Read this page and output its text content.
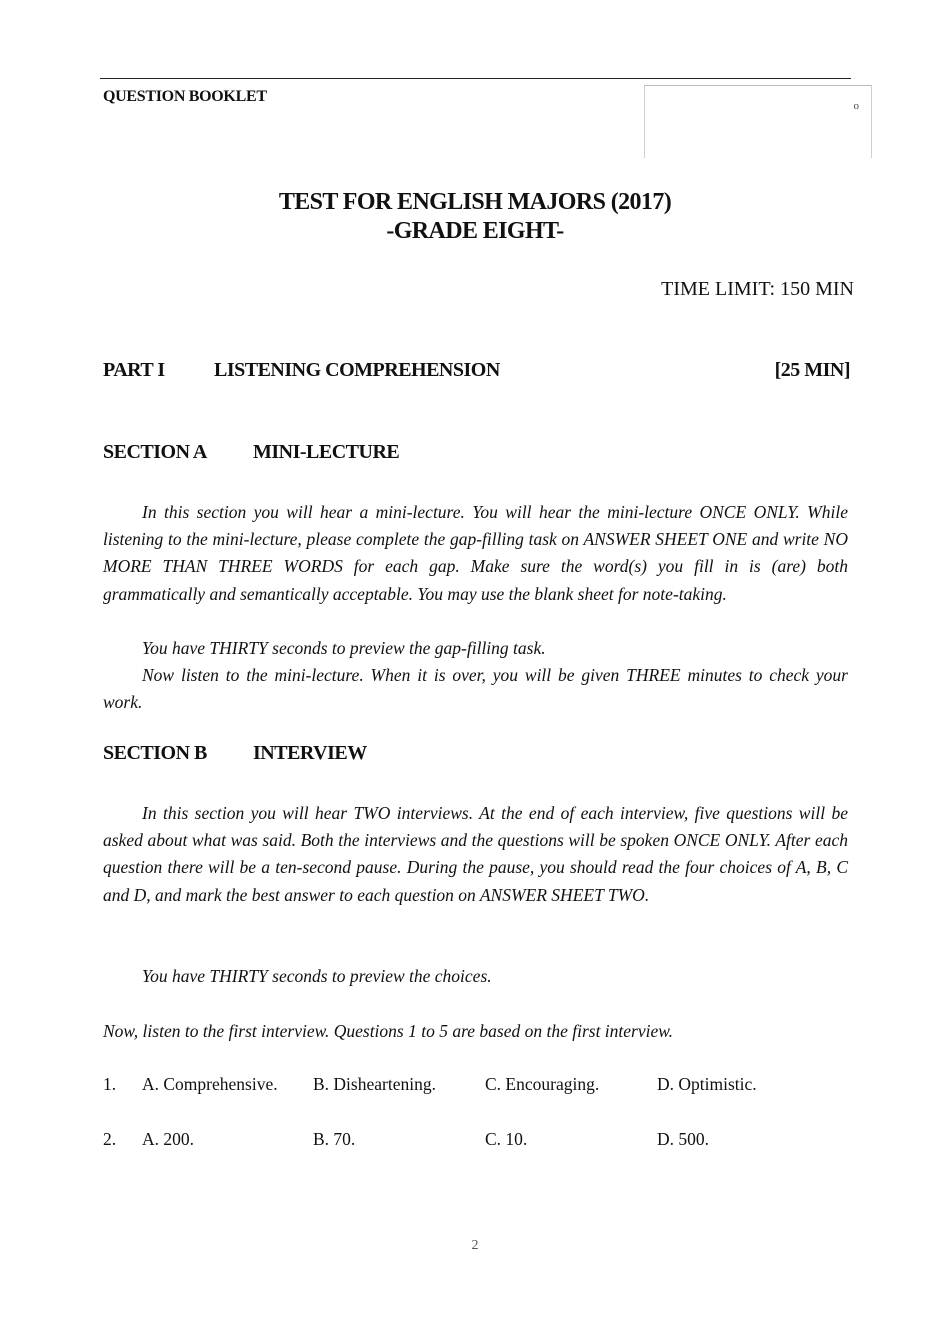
QUESTION BOOKLET
o
TEST FOR ENGLISH MAJORS (2017)
-GRADE EIGHT-
TIME LIMIT: 150 MIN
PART I LISTENING COMPREHENSION	[25 MIN]
SECTION A MINI-LECTURE

In this section you will hear a mini-lecture. You will hear the mini-lecture ONCE ONLY. While listening to the mini-lecture, please complete the gap-filling task on ANSWER SHEET ONE and write NO MORE THAN THREE WORDS for each gap. Make sure the word(s) you fill in is (are) both grammatically and semantically acceptable. You may use the blank sheet for note-taking.

You have THIRTY seconds to preview the gap-filling task.

Now listen to the mini-lecture. When it is over, you will be given THREE minutes to check your work.

SECTION B INTERVIEW

In this section you will hear TWO interviews. At the end of each interview, five questions will be asked about what was said. Both the interviews and the questions will be spoken ONCE ONLY. After each question there will be a ten-second pause. During the pause, you should read the four choices of A, B, C and D, and mark the best answer to each question on ANSWER SHEET TWO.

You have THIRTY seconds to preview the choices.

Now, listen to the first interview. Questions 1 to 5 are based on the first interview.

1. A. Comprehensive. B. Disheartening.	C. Encouraging.	D. Optimistic.
2. A. 200.	B. 70.	C. 10.	D. 500.
2
